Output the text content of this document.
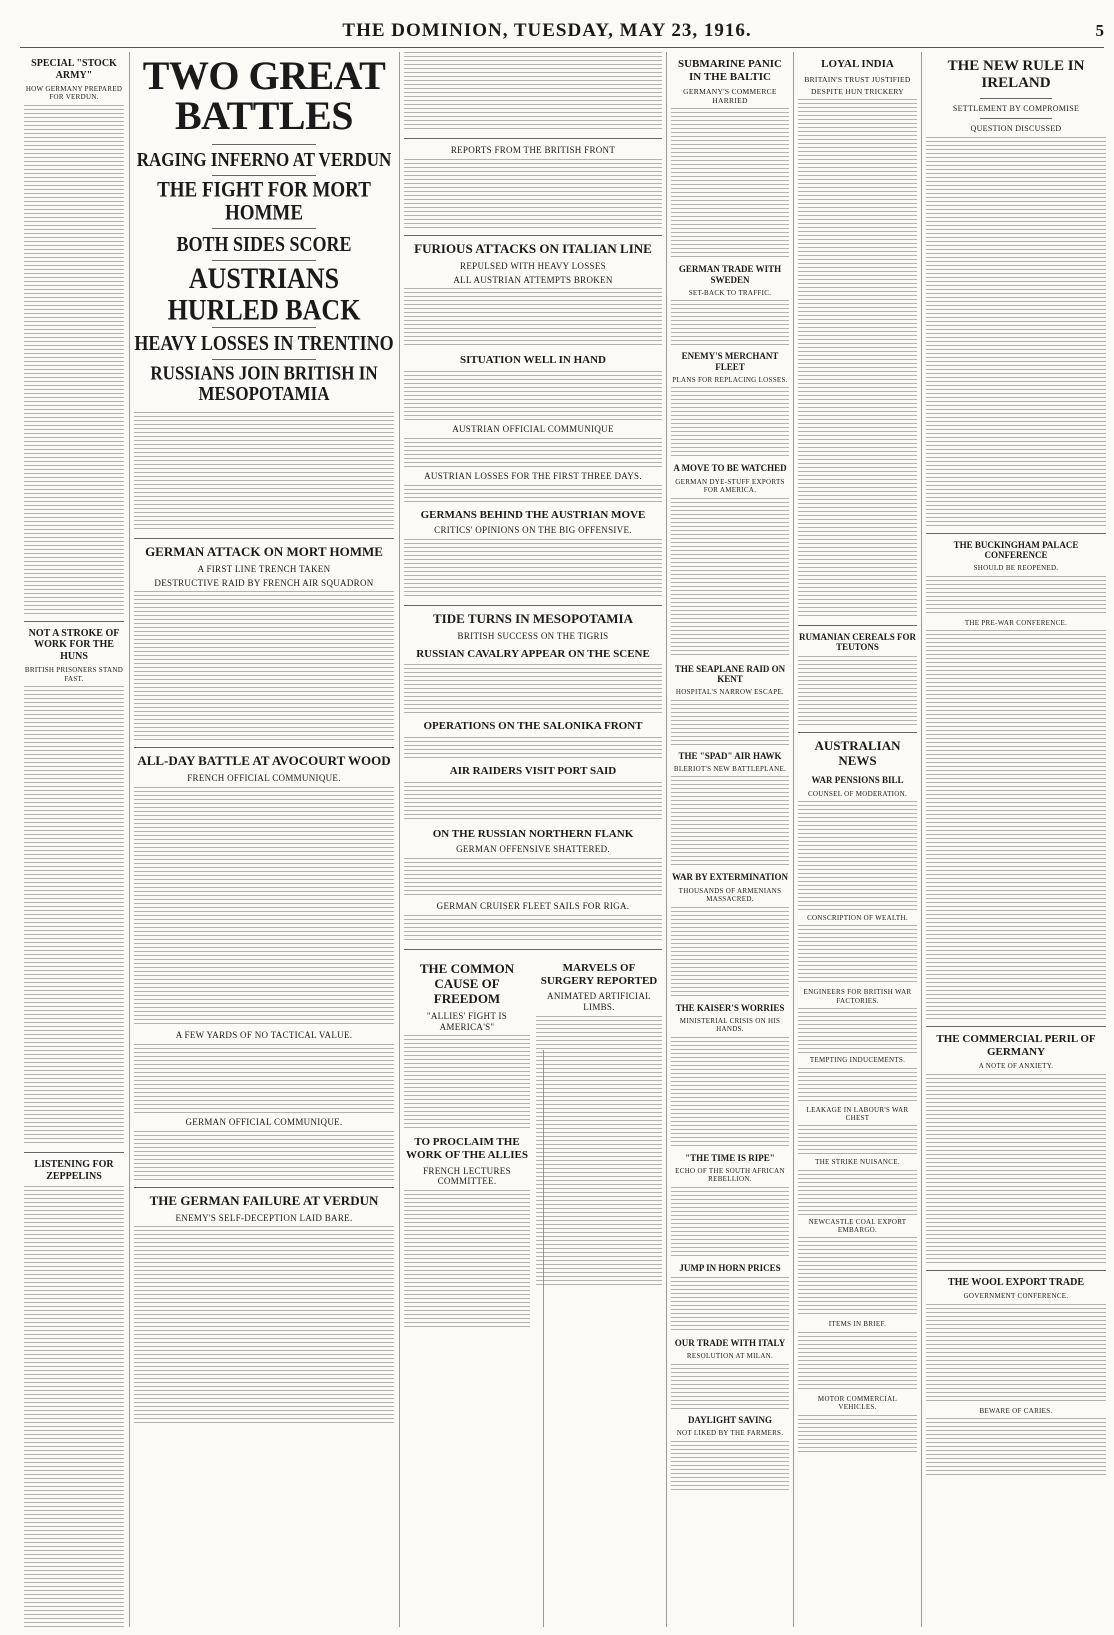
THE DOMINION, TUESDAY, MAY 23, 1916.	5
SPECIAL "STOCK ARMY"
HOW GERMANY PREPARED FOR VERDUN.
NOT A STROKE OF WORK FOR THE HUNS
BRITISH PRISONERS STAND FAST.
LISTENING FOR ZEPPELINS
TWO GREAT BATTLES
RAGING INFERNO AT VERDUN
THE FIGHT FOR MORT HOMME
BOTH SIDES SCORE
AUSTRIANS HURLED BACK
HEAVY LOSSES IN TRENTINO
RUSSIANS JOIN BRITISH IN MESOPOTAMIA
GERMAN ATTACK ON MORT HOMME
A FIRST LINE TRENCH TAKEN
DESTRUCTIVE RAID BY FRENCH AIR SQUADRON
ALL-DAY BATTLE AT AVOCOURT WOOD
FRENCH OFFICIAL COMMUNIQUE.
A FEW YARDS OF NO TACTICAL VALUE.
GERMAN OFFICIAL COMMUNIQUE.
THE GERMAN FAILURE AT VERDUN
ENEMY'S SELF-DECEPTION LAID BARE.
REPORTS FROM THE BRITISH FRONT
FURIOUS ATTACKS ON ITALIAN LINE
REPULSED WITH HEAVY LOSSES
ALL AUSTRIAN ATTEMPTS BROKEN
SITUATION WELL IN HAND
AUSTRIAN OFFICIAL COMMUNIQUE
AUSTRIAN LOSSES FOR THE FIRST THREE DAYS.
GERMANS BEHIND THE AUSTRIAN MOVE
CRITICS' OPINIONS ON THE BIG OFFENSIVE.
TIDE TURNS IN MESOPOTAMIA
BRITISH SUCCESS ON THE TIGRIS
RUSSIAN CAVALRY APPEAR ON THE SCENE
OPERATIONS ON THE SALONIKA FRONT
AIR RAIDERS VISIT PORT SAID
ON THE RUSSIAN NORTHERN FLANK
GERMAN OFFENSIVE SHATTERED.
GERMAN CRUISER FLEET SAILS FOR RIGA.
THE COMMON CAUSE OF FREEDOM
"ALLIES' FIGHT IS AMERICA'S"
TO PROCLAIM THE WORK OF THE ALLIES
FRENCH LECTURES COMMITTEE.
MARVELS OF SURGERY REPORTED
ANIMATED ARTIFICIAL LIMBS.
SUBMARINE PANIC IN THE BALTIC
GERMANY'S COMMERCE HARRIED
GERMAN TRADE WITH SWEDEN
SET-BACK TO TRAFFIC.
ENEMY'S MERCHANT FLEET
PLANS FOR REPLACING LOSSES.
A MOVE TO BE WATCHED
GERMAN DYE-STUFF EXPORTS FOR AMERICA.
THE SEAPLANE RAID ON KENT
HOSPITAL'S NARROW ESCAPE.
THE "SPAD" AIR HAWK
BLERIOT'S NEW BATTLEPLANE.
WAR BY EXTERMINATION
THOUSANDS OF ARMENIANS MASSACRED.
THE KAISER'S WORRIES
MINISTERIAL CRISIS ON HIS HANDS.
"THE TIME IS RIPE"
ECHO OF THE SOUTH AFRICAN REBELLION.
JUMP IN HORN PRICES
OUR TRADE WITH ITALY
RESOLUTION AT MILAN.
DAYLIGHT SAVING
NOT LIKED BY THE FARMERS.
LOYAL INDIA
BRITAIN'S TRUST JUSTIFIED
DESPITE HUN TRICKERY
RUMANIAN CEREALS FOR TEUTONS
AUSTRALIAN NEWS
WAR PENSIONS BILL
COUNSEL OF MODERATION.
CONSCRIPTION OF WEALTH.
ENGINEERS FOR BRITISH WAR FACTORIES.
TEMPTING INDUCEMENTS.
LEAKAGE IN LABOUR'S WAR CHEST
THE STRIKE NUISANCE.
NEWCASTLE COAL EXPORT EMBARGO.
ITEMS IN BRIEF.
MOTOR COMMERCIAL VEHICLES.
THE NEW RULE IN IRELAND
SETTLEMENT BY COMPROMISE
QUESTION DISCUSSED
THE BUCKINGHAM PALACE CONFERENCE
SHOULD BE REOPENED.
THE PRE-WAR CONFERENCE.
THE COMMERCIAL PERIL OF GERMANY
A NOTE OF ANXIETY.
THE WOOL EXPORT TRADE
GOVERNMENT CONFERENCE.
BEWARE OF CARIES.
